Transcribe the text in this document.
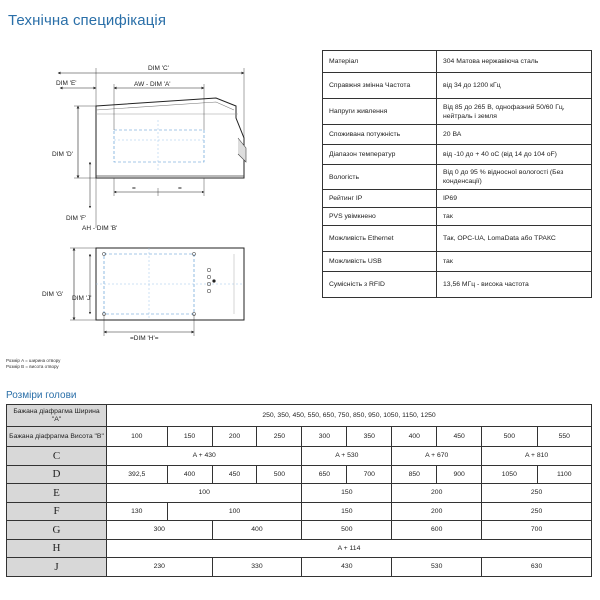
Технічна специфікація
DIM 'C'
DIM 'E'	AW - DIM 'A'
DIM 'D'
=	=
DIM 'F'
AH - DIM 'B'
DIM 'G'
DIM 'J'
=DIM 'H'=
Розмір A = ширина отвору
Розмір B = висота отвору
Матеріал	304 Матова нержавіюча сталь
Справжня змінна Частота	від 34 до 1200 кГц
Напруги живлення	Від 85 до 265 В, однофазний 50/60 Гц, нейтраль і земля
Споживана потужність	20 ВА
Діапазон температур	від -10 до + 40 oC (від 14 до 104 oF)
Вологість	Від 0 до 95 % відносної вологості (Без конденсації)
Рейтинг IP	IP69
PVS увімкнено	так
Можливість Ethernet	Так, OPC-UA, LomaData або ТРАКС
Можливість USB	так
Сумісність з RFID	13,56 МГц - висока частота
Розміри голови
Бажана діафрагма Ширина "A"	250, 350, 450, 550, 650, 750, 850, 950, 1050, 1150, 1250									
Бажана діафрагма Висота "B"	100	150	200	250	300	350	400	450	500	550
C	A + 430				A + 530		A + 670		A + 810	
D	392,5	400	450	500	650	700	850	900	1050	1100
E	100				150		200		250	
F	130	100			150		200		250	
G	300		400		500		600		700	
H	A + 114									
J	230		330		430		530		630	
